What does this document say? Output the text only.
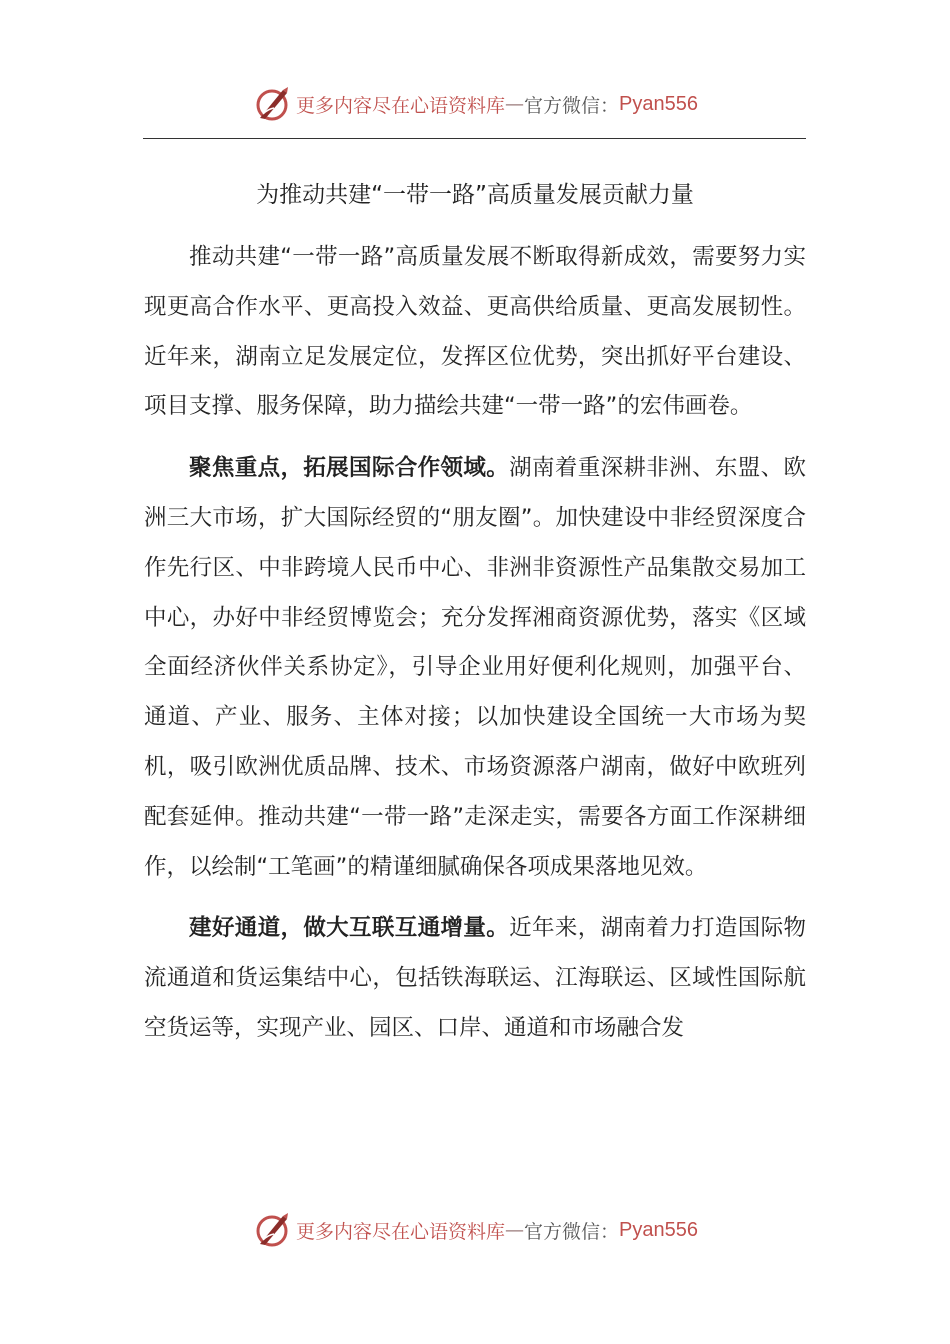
更多内容尽在心语资料库 — 官方微信： Pyan556
为推动共建“一带一路”高质量发展贡献力量

推动共建“一带一路”高质量发展不断取得新成效，需要努力实现更高合作水平、更高投入效益、更高供给质量、更高发展韧性。近年来，湖南立足发展定位，发挥区位优势，突出抓好平台建设、项目支撑、服务保障，助力描绘共建“一带一路”的宏伟画卷。

聚焦重点，拓展国际合作领域。湖南着重深耕非洲、东盟、欧洲三大市场，扩大国际经贸的“朋友圈”。加快建设中非经贸深度合作先行区、中非跨境人民币中心、非洲非资源性产品集散交易加工中心，办好中非经贸博览会；充分发挥湘商资源优势，落实《区域全面经济伙伴关系协定》，引导企业用好便利化规则，加强平台、通道、产业、服务、主体对接；以加快建设全国统一大市场为契机，吸引欧洲优质品牌、技术、市场资源落户湖南，做好中欧班列配套延伸。推动共建“一带一路”走深走实，需要各方面工作深耕细作，以绘制“工笔画”的精谨细腻确保各项成果落地见效。

建好通道，做大互联互通增量。近年来，湖南着力打造国际物流通道和货运集结中心，包括铁海联运、江海联运、区域性国际航空货运等，实现产业、园区、口岸、通道和市场融合发

更多内容尽在心语资料库 — 官方微信： Pyan556
